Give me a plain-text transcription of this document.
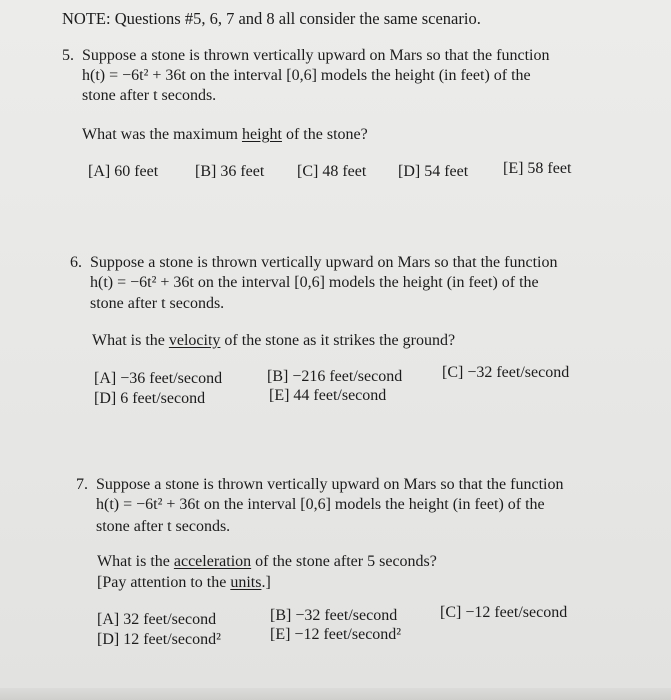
NOTE: Questions #5, 6, 7 and 8 all consider the same scenario.
5. Suppose a stone is thrown vertically upward on Mars so that the function
h(t) = −6t² + 36t on the interval [0,6] models the height (in feet) of the
stone after t seconds.
What was the maximum height of the stone?
[A] 60 feet [B] 36 feet [C] 48 feet [D] 54 feet [E] 58 feet
6. Suppose a stone is thrown vertically upward on Mars so that the function
h(t) = −6t² + 36t on the interval [0,6] models the height (in feet) of the
stone after t seconds.
What is the velocity of the stone as it strikes the ground?
[A] −36 feet/second	[B] −216 feet/second [C] −32 feet/second
[D] 6 feet/second	[E] 44 feet/second
7. Suppose a stone is thrown vertically upward on Mars so that the function
h(t) = −6t² + 36t on the interval [0,6] models the height (in feet) of the
stone after t seconds.
What is the acceleration of the stone after 5 seconds?
[Pay attention to the units.]
[A] 32 feet/second	[B] −32 feet/second	[C] −12 feet/second
[D] 12 feet/second²	[E] −12 feet/second²
